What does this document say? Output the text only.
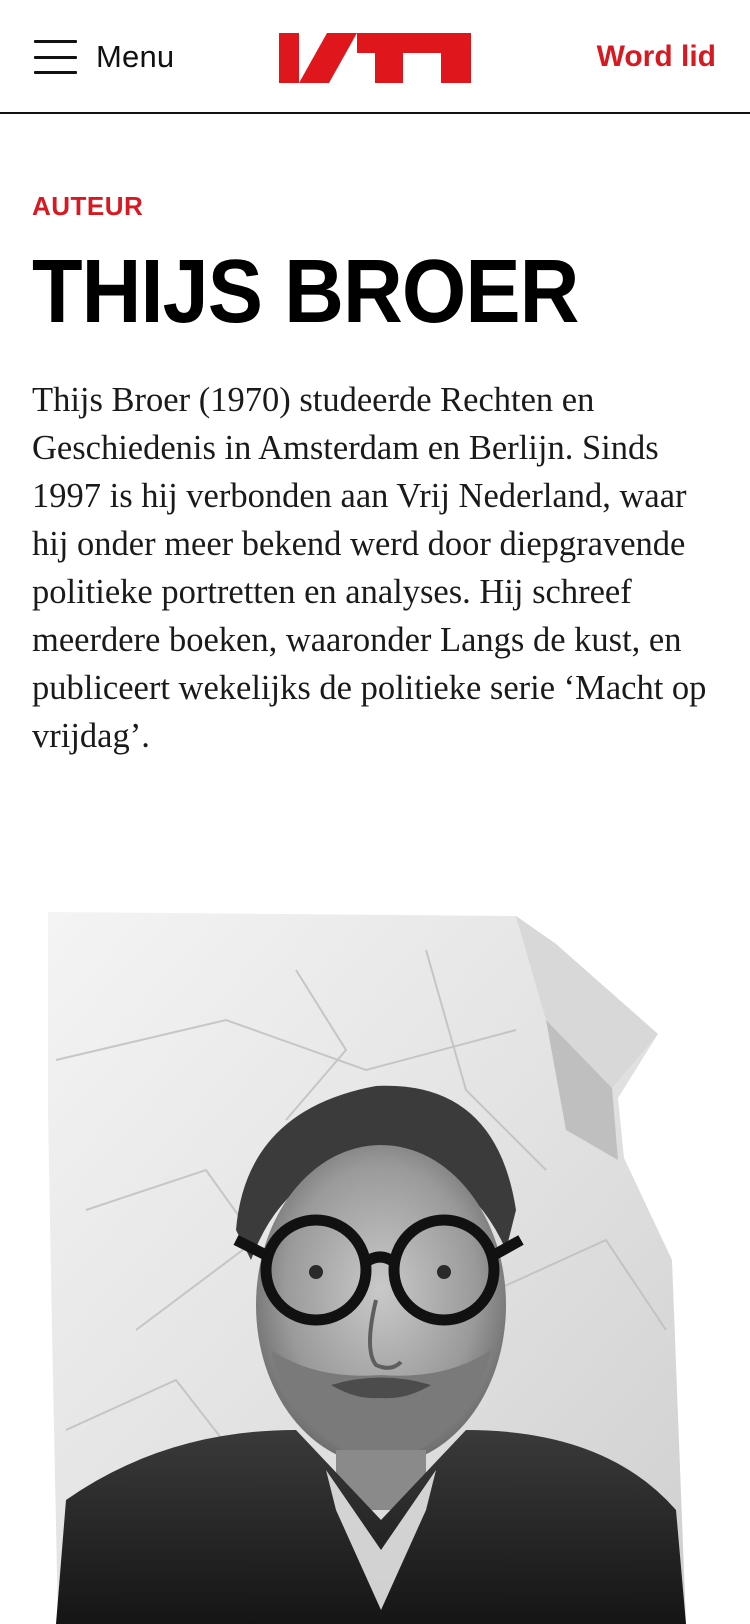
Menu	Word lid
AUTEUR
THIJS BROER

Thijs Broer (1970) studeerde Rechten en Geschiedenis in Amsterdam en Berlijn. Sinds 1997 is hij verbonden aan Vrij Nederland, waar hij onder meer bekend werd door diepgravende politieke portretten en analyses. Hij schreef meerdere boeken, waaronder Langs de kust, en publiceert wekelijks de politieke serie ‘Macht op vrijdag’.
